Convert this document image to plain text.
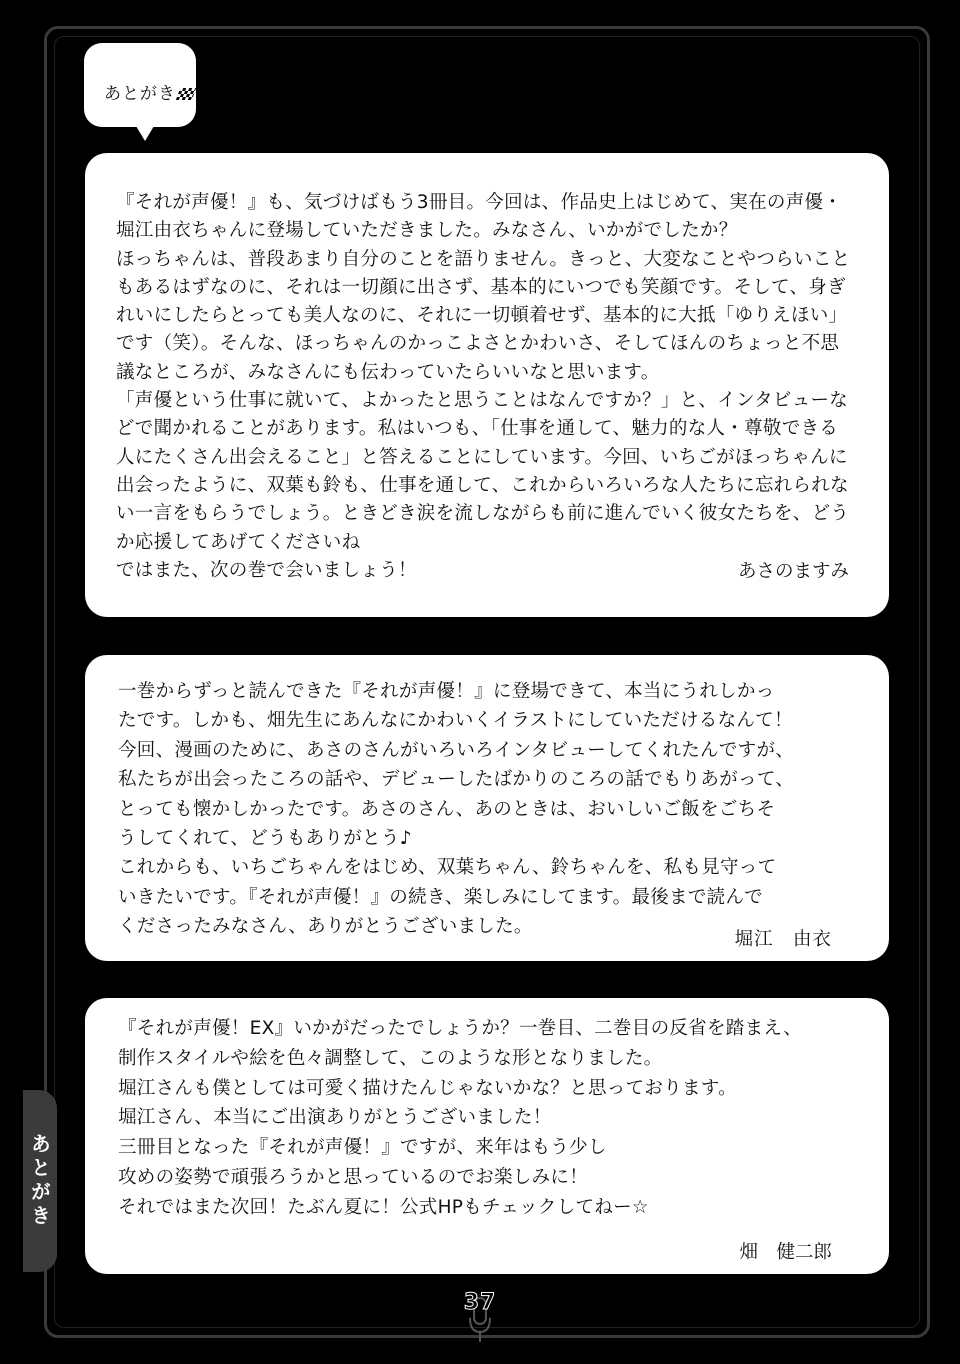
あとがき

『それが声優！』も、気づけばもう3冊目。今回は、作品史上はじめて、実在の声優・

堀江由衣ちゃんに登場していただきました。みなさん、いかがでしたか？

ほっちゃんは、普段あまり自分のことを語りません。きっと、大変なことやつらいこと

もあるはずなのに、それは一切顔に出さず、基本的にいつでも笑顔です。そして、身ぎ

れいにしたらとっても美人なのに、それに一切頓着せず、基本的に大抵「ゆりえほい」

です（笑）。そんな、ほっちゃんのかっこよさとかわいさ、そしてほんのちょっと不思

議なところが、みなさんにも伝わっていたらいいなと思います。

「声優という仕事に就いて、よかったと思うことはなんですか？」と、インタビューな

どで聞かれることがあります。私はいつも、「仕事を通して、魅力的な人・尊敬できる

人にたくさん出会えること」と答えることにしています。今回、いちごがほっちゃんに

出会ったように、双葉も鈴も、仕事を通して、これからいろいろな人たちに忘れられな

い一言をもらうでしょう。ときどき涙を流しながらも前に進んでいく彼女たちを、どう

か応援してあげてくださいね

ではまた、次の巻で会いましょう！	あさのますみ

一巻からずっと読んできた『それが声優！』に登場できて、本当にうれしかっ

たです。しかも、畑先生にあんなにかわいくイラストにしていただけるなんて！

今回、漫画のために、あさのさんがいろいろインタビューしてくれたんですが、

私たちが出会ったころの話や、デビューしたばかりのころの話でもりあがって、

とっても懐かしかったです。あさのさん、あのときは、おいしいご飯をごちそ

うしてくれて、どうもありがとう♪

これからも、いちごちゃんをはじめ、双葉ちゃん、鈴ちゃんを、私も見守って

いきたいです。『それが声優！』の続き、楽しみにしてます。最後まで読んで

くださったみなさん、ありがとうございました。

堀江　由衣

『それが声優！EX』いかがだったでしょうか？一巻目、二巻目の反省を踏まえ、

制作スタイルや絵を色々調整して、このような形となりました。

堀江さんも僕としては可愛く描けたんじゃないかな？と思っております。

堀江さん、本当にご出演ありがとうございました！

三冊目となった『それが声優！』ですが、来年はもう少し

攻めの姿勢で頑張ろうかと思っているのでお楽しみに！

それではまた次回！たぶん夏に！公式HPもチェックしてねー☆

畑　健二郎
あとがき
37
